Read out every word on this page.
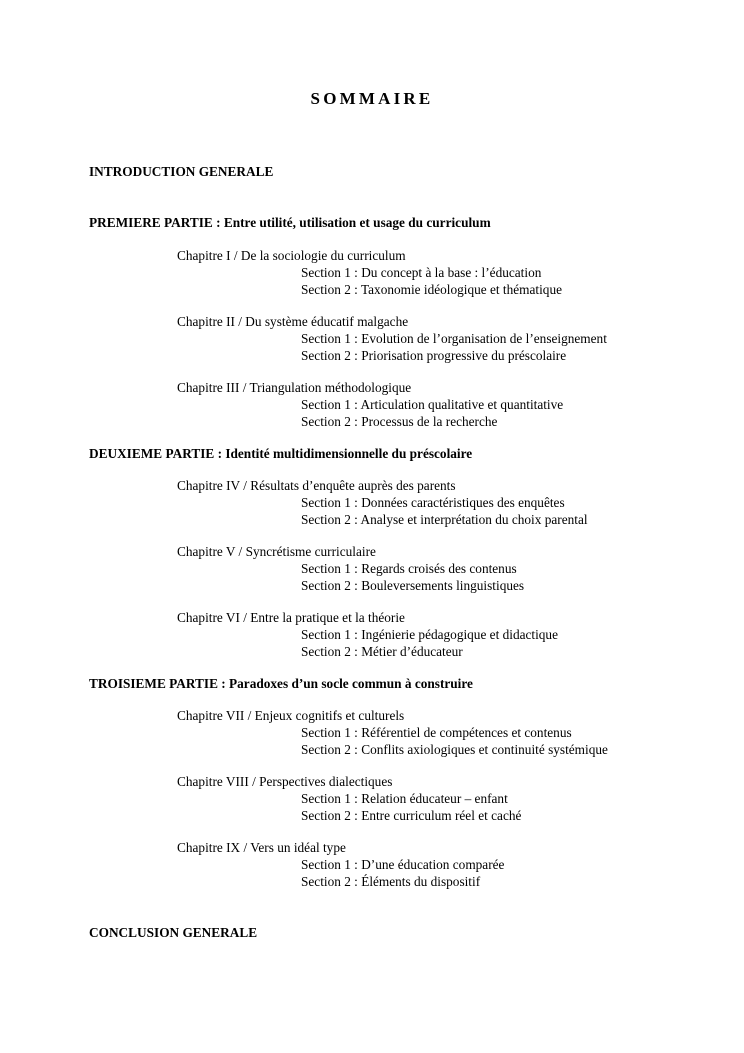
SOMMAIRE
INTRODUCTION GENERALE
PREMIERE PARTIE : Entre utilité, utilisation et usage du curriculum
Chapitre I / De la sociologie du curriculum
Section 1 : Du concept à la base : l’éducation
Section 2 : Taxonomie idéologique et thématique
Chapitre II / Du système éducatif malgache
Section 1 : Evolution de l’organisation de l’enseignement
Section 2 : Priorisation progressive du préscolaire
Chapitre III / Triangulation méthodologique
Section 1 : Articulation qualitative et quantitative
Section 2 : Processus de la recherche
DEUXIEME PARTIE : Identité multidimensionnelle du préscolaire
Chapitre IV / Résultats d’enquête auprès des parents
Section 1 : Données caractéristiques des enquêtes
Section 2 : Analyse et interprétation du choix parental
Chapitre V / Syncrétisme curriculaire
Section 1 : Regards croisés des contenus
Section 2 : Bouleversements linguistiques
Chapitre VI / Entre la pratique et la théorie
Section 1 : Ingénierie pédagogique et didactique
Section 2 : Métier d’éducateur
TROISIEME PARTIE : Paradoxes d’un socle commun à construire
Chapitre VII / Enjeux cognitifs et culturels
Section 1 : Référentiel de compétences et contenus
Section 2 : Conflits axiologiques et continuité systémique
Chapitre VIII / Perspectives dialectiques
Section 1 : Relation éducateur – enfant
Section 2 : Entre curriculum réel et caché
Chapitre IX / Vers un idéal type
Section 1 : D’une éducation comparée
Section 2 : Éléments du dispositif
CONCLUSION GENERALE
